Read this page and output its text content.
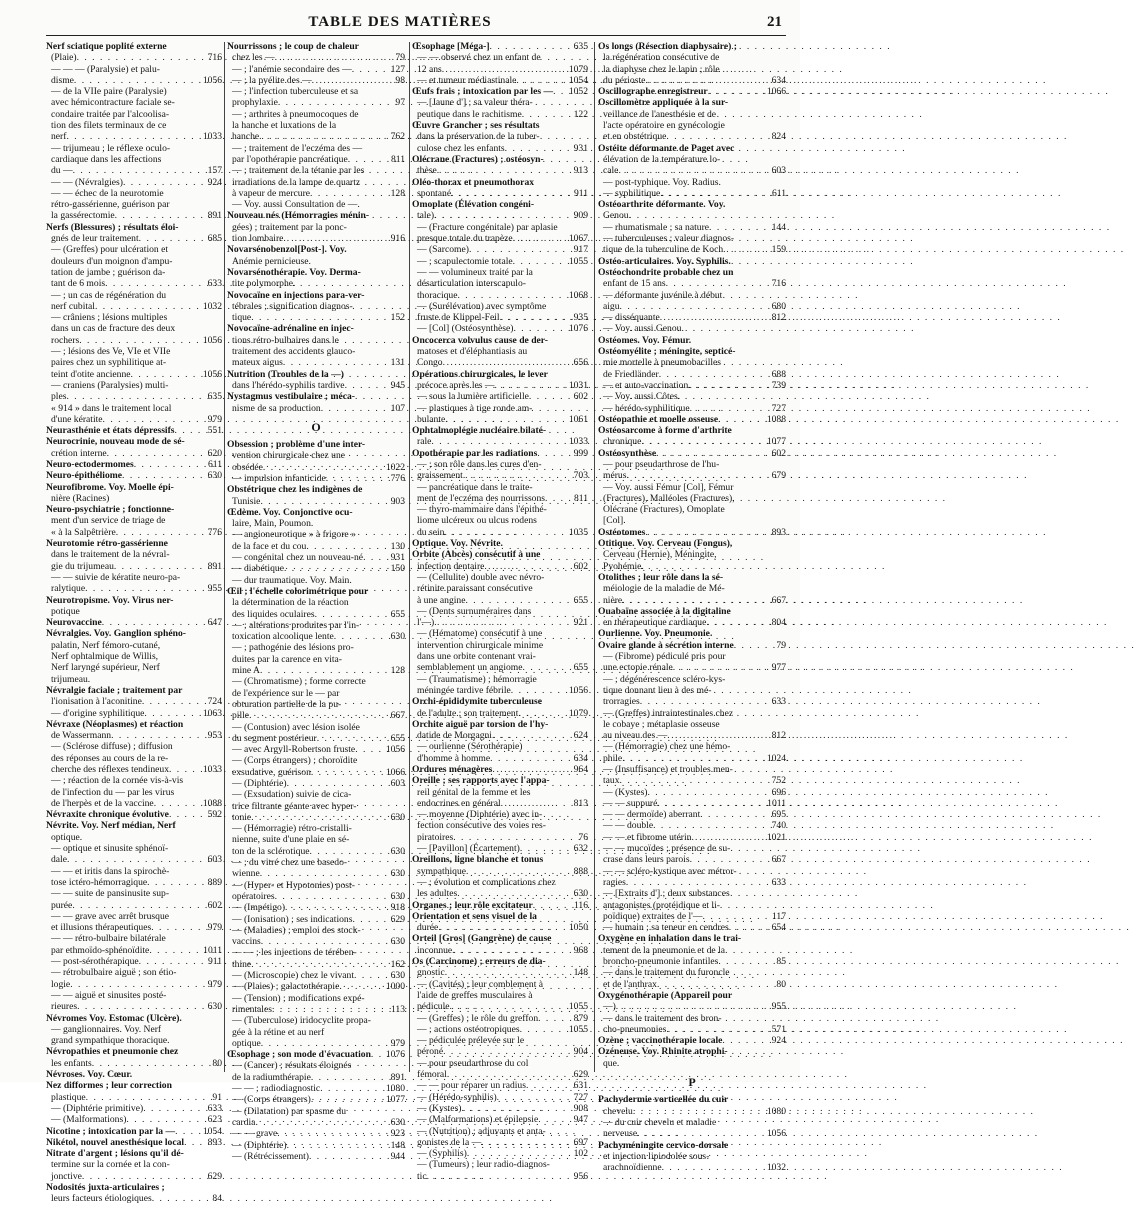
TABLE DES MATIÈRES	21
Nerf sciatique poplité externe
(Plaie) . . .	716
— — — (Paralysie) et palu-
disme . . .	1056
— de la VIIe paire (Paralysie)
avec hémicontracture faciale se-
condaire traitée par l'alcoolisa-
tion des filets terminaux de ce
nerf . . .	1033
— trijumeau ; le réflexe oculo-
cardiaque dans les affections
du — . . .	157
— — (Névralgies) . . .	924
— — échec de la neurotomie
rétro-gassérienne, guérison par
la gassérectomie . . .	891
Nerfs (Blessures) ; résultats éloi-
gnés de leur traitement . . .	685
— (Greffes) pour ulcération et
douleurs d'un moignon d'ampu-
tation de jambe ; guérison da-
tant de 6 mois . . .	633
— ; un cas de régénération du
nerf cubital . . .	1032
— crâniens ; lésions multiples
dans un cas de fracture des deux
rochers . . .	1056
— ; lésions des Ve, VIe et VIIe
paires chez un syphilitique at-
teint d'otite ancienne . . .	1056
— craniens (Paralysies) multi-
ples . . .	635
« 914 » dans le traitement local
d'une kératite . . .	979
Neurasthénie et états dépressifs . . .	551
Neurocrinie, nouveau mode de sé-
crétion interne . . .	620
Neuro-ectodermomes . . .	611
Neuro-épithéliome . . .	630
Neurofibrome. Voy. Moelle épi-
nière (Racines)
Neuro-psychiatrie ; fonctionne-
ment d'un service de triage de
« à la Salpêtrière . . .	776
Neurotomie rétro-gassérienne
dans le traitement de la névral-
gie du trijumeau . . .	891
— — suivie de kératite neuro-pa-
ralytique . . .	955
Neurotropisme. Voy. Virus ner-
potique
Neurovaccine . . .	647
Névralgies. Voy. Ganglion sphéno-
palatin, Nerf fémoro-cutané,
Nerf ophtalmique de Willis,
Nerf laryngé supérieur, Nerf
trijumeau.
Névralgie faciale ; traitement par
l'ionisation à l'aconitine . . .	724
— d'origine syphilitique . . .	1063
Névraxe (Néoplasmes) et réaction
de Wassermann . . .	953
— (Sclérose diffuse) ; diffusion
des réponses au cours de la re-
cherche des réflexes tendineux . . .	1033
— ; réaction de la cornée vis-à-vis
de l'infection du — par les virus
de l'herpès et de la vaccine . . .	1088
Névraxite chronique évolutive . . .	592
Névrite. Voy. Nerf médian, Nerf
optique.
— optique et sinusite sphénoï-
dale . . .	603
— — et iritis dans la spirochè-
tose ictéro-hémorragique . . .	889
— — suite de pansinusite sup-
purée . . .	602
— — grave avec arrêt brusque
et illusions thérapeutiques . . .	979
— — rétro-bulbaire bilatérale
par ethmoïdo-sphénoïdite . . .	1011
— post-sérothérapique . . .	911
— rétrobulbaire aiguë ; son étio-
logie . . .	979
— — aiguë et sinusites posté-
rieures . . .	630
Névromes Voy. Estomac (Ulcère).
— ganglionnaires. Voy. Nerf
grand sympathique thoracique.
Névropathies et pneumonie chez
les enfants . . .	80
Névroses. Voy. Cœur.
Nez difformes ; leur correction
plastique . . .	91
— (Diphtérie primitive) . . .	633
— (Malformations) . . .	623
Nicotine ; intoxication par la — . . .	1054
Nikétol, nouvel anesthésique local . . . 893
Nitrate d'argent ; lésions qu'il dé-
termine sur la cornée et la con-
jonctive . . .	629
Nodosités juxta-articulaires ;
leurs facteurs étiologiques . . .	84
Nourrissons ; le coup de chaleur
chez les — . . .	79
— ; l'anémie secondaire des — . . .	127
— ; la pyélite des — . . .	98
— ; l'infection tuberculeuse et sa
prophylaxie . . .	97
— ; arthrites à pneumocoques de
la hanche et luxations de la
hanche . . .	762
— ; traitement de l'eczéma des —
par l'opothérapie pancréatique . . .	811
— ; traitement de la tétanie par les
irradiations de la lampe de quartz
à vapeur de mercure . . .	128
— Voy. aussi Consultation de —.
Nouveau nés (Hémorragies ménin-
gées) ; traitement par la ponc-
tion lombaire . . .	916
Novarsénobenzol[Post-]. Voy.
Anémie pernicieuse.
Novarsénothérapie. Voy. Derma-
tite polymorphe.
Novocaïne en injections para-ver-
tébrales ; signification diagnos-
tique . . .	152
Novocaïne-adrénaline en injec-
tions rétro-bulbaires dans le
traitement des accidents glauco-
mateux aigus . . .	131
Nutrition (Troubles de la —)
dans l'hérédo-syphilis tardive . . .	945
Nystagmus vestibulaire ; méca-
nisme de sa production . . .	107
O
Obsession ; problème d'une inter-
vention chirurgicale chez une
obsédée . . .	1022
— impulsion infanticide . . .	776
Obstétrique chez les indigènes de
Tunisie . . .	903
Œdème. Voy. Conjonctive ocu-
laire, Main, Poumon.
— angioneurotique » à frigore »
de la face et du cou . . .	130
— congénital chez un nouveau-né . . .	931
— diabétique . . .	150
— dur traumatique. Voy. Main.
Œil ; l'échelle colorimétrique pour
la détermination de la réaction
des liquides oculaires . . .	655
— ; altérations produites par l'in-
toxication alcoolique lente . . .	630
— ; pathogénie des lésions pro-
duites par la carence en vita-
mine A . . .	128
— (Chromatisme) ; forme correcte
de l'expérience sur le — par
obturation partielle de la pu-
pille . . .	667
— (Contusion) avec lésion isolée
du segment postérieur . . .	655
— avec Argyll-Robertson fruste . . .	1056
— (Corps étrangers) ; choroïdite
exsudative, guérison . . .	1066
— (Diphtérie) . . .	603
— (Exsudation) suivie de cica-
trice filtrante géante avec hyper-
tonie . . .	630
— (Hémorragie) rétro-cristalli-
nienne, suite d'une plaie en sé-
ton de la sclérotique . . .	630
— ; du vitré chez une basedo-
wienne . . .	630
— (Hyper- et Hypotonies) post-
opératoires . . .	630
— (Impétigo) . . .	918
— (Ionisation) ; ses indications . . .	629
— (Maladies) ; emploi des stock-
vaccins . . .	630
— — ; les injections de térében-
thine . . .	162
— (Microscopie) chez le vivant . . .	630
— (Plaies) ; galactothérapie . . .	1000
— (Tension) ; modifications expé-
rimentales . . .	113
— (Tuberculose) iridocyclite propa-
gée à la rétine et au nerf
optique . . .	979
Œsophage ; son mode d'évacuation . . . 1076
— (Cancer) ; résultats éloignés
de la radiumthérapie . . .	891
— — ; radiodiagnostic . . .	1080
— (Corps étrangers) . . .	1077
— (Dilatation) par spasme du
cardia . . .	630
— — grave . . .	923
— (Diphtérie) . . .	148
— (Rétrécissement) . . .	944
Œsophage [Méga-] . . .	635
— — observé chez un enfant de
12 ans . . .	1079
— et tumeur médiastinale . . .	1054
Œufs frais ; intoxication par les — . . . 1052
— [Jaune d'] ; sa valeur théra-
peutique dans le rachitisme . . .	122
Œuvre Grancher ; ses résultats
dans la préservation de la tuber-
culose chez les enfants . . .	931
Olécrane (Fractures) ; ostéosyn-
thèse . . .	913
Oléo-thorax et pneumothorax
spontané . . .	911
Omoplate (Élévation congéni-
tale) . . .	909
— (Fracture congénitale) par aplasie
presque totale du trapèze . . .	1067
— (Sarcome) . . .	917
— ; scapulectomie totale . . .	1055
— — volumineux traité par la
désarticulation interscapulo-
thoracique . . .	1068
— (Surélévation) avec symptôme
fruste de Klippel-Feil . . .	935
— [Col] (Ostéosynthèse) . . .	1076
Oncocerca volvulus cause de der-
matoses et d'éléphantiasis au
Congo . . .	656
Opérations chirurgicales, le lever
précoce après les — . . .	1031
— sous la lumière artificielle . . .	602
— plastiques à tige ronde am-
bulante . . .	1061
Ophtalmoplégie nucléaire bilaté-
rale . . .	1033
Opothérapie par les radiations . . .	999
— ; son rôle dans les cures d'en-
graissement . . .	703
— pancréatique dans le traite-
ment de l'eczéma des nourrissons . . .	811
— thyro-mammaire dans l'épithé-
liome ulcéreux ou ulcus rodens
du sein . . .	1035
Optique. Voy. Névrite.
Orbite (Abcès) consécutif à une
infection dentaire . . .	602
— (Cellulite) double avec névro-
rétinite paraissant consécutive
à une angine . . .	655
— (Dents surnuméraires dans
l'—) . . .	921
— (Hématome) consécutif à une
intervention chirurgicale minime
dans une orbite contenant vrai-
semblablement un angiome . . .	655
— (Traumatisme) ; hémorragie
méningée tardive fébrile . . .	1056
Orchi-épididymite tuberculeuse
de l'adulte ; son traitement . . .	1079
Orchite aiguë par torsion de l'hy-
datide de Morgagni . . .	624
— ourlienne (Sérothérapie)
d'homme à homme . . .	634
Ordures ménagères . . .	964
Oreille ; ses rapports avec l'appa-
reil génital de la femme et les
endocrines en général . . .	813
— moyenne (Diphtérie) avec in-
fection consécutive des voies res-
piratoires . . .	76
— [Pavillon] (Écartement) . . .	632
Oreillons, ligne blanche et tonus
sympathique . . .	888
— ; évolution et complications chez
les adultes . . .	630
Organes ; leur rôle excitateur . . .	116
Orientation et sens visuel de la
durée . . .	1050
Orteil [Gros] (Gangrène) de cause
inconnue . . .	968
Os (Carcinome) ; erreurs de dia-
gnostic . . .	148
— (Cavités) ; leur comblement à
l'aide de greffes musculaires à
pédicule . . .	1055
— (Greffes) ; le rôle du greffon . . .	879
— ; actions ostéotropiques . . .	1055
— pédiculée prélevée sur le
péroné . . .	904
— pour pseudarthrose du col
fémoral . . .	629
— — pour réparer un radius . . .	631
— (Hérédo-syphilis) . . .	727
— (Kystes) . . .	908
— (Malformations) et épilepsie . . .	947
— (Nutrition) ; adjuvants et anta-
gonistes de la — . . .	697
— (Syphilis) . . .	102
— (Tumeurs) ; leur radio-diagnos-
tic . . .	956
Os longs (Résection diaphysaire) ;
la régénération consécutive de
la diaphyse chez le lapin ; rôle
du périoste . . .	634
Oscillographe enregistreur . . .	1066
Oscillomètre appliquée à la sur-
veillance de l'anesthésie et de
l'acte opératoire en gynécologie
et en obstétrique . . .	824
Ostéite déformante de Paget avec
élévation de la température lo-
cale . . .	603
— post-typhique. Voy. Radius.
— syphilitique . . .	611
Ostéoarthrite déformante. Voy.
Genou.
— rhumatismale ; sa nature . . .	144
— tuberculeuses ; valeur diagnos-
tique de la tuberculine de Koch . . .	159
Ostéo-articulaires. Voy. Syphilis.
Ostéochondrite probable chez un
enfant de 15 ans . . .	716
— déformante juvénile à début
aigu . . .	680
— disséquante . . .	812
— Voy. aussi Genou.
Ostéomes. Voy. Fémur.
Ostéomyélite ; méningite, septicé-
mie mortelle à pneumobacilles
de Friedländer . . .	688
— et auto-vaccination . . .	739
— Voy. aussi Côtes.
— hérédo-syphilitique . . .	727
Ostéopathie et moelle osseuse . . .	1088
Ostéosarcome à forme d'arthrite
chronique . . .	1077
Ostéosynthèse . . .	602
— pour pseudarthrose de l'hu-
mérus . . .	679
— Voy. aussi Fémur [Col], Fémur
(Fractures), Malléoles (Fractures),
Olécrane (Fractures), Omoplate
[Col].
Ostéotomes . . .	893
Otitique. Voy. Cerveau (Fongus),
Cerveau (Hernie), Méningite,
Pyohémie.
Otolithes ; leur rôle dans la sé-
méiologie de la maladie de Mé-
nière . . .	667
Ouabaïne associée à la digitaline
en thérapeutique cardiaque . . .	804
Ourlienne. Voy. Pneumonie.
Ovaire glande à sécrétion interne . . .	79
— (Fibrome) pédiculé pris pour
une ectopie rénale . . .	977
— ; dégénérescence scléro-kys-
tique donnant lieu à des mé-
trorragies . . .	633
— (Greffes) intraintestinales chez
le cobaye ; métaplasie osseuse
au niveau des — . . .	812
— (Hémorragie) chez une hémo-
phile . . .	1024
— (Insuffisance) et troubles men-
taux . . .	752
— (Kystes) . . .	696
— — suppuré . . .	1011
— — dermoïde) aberrant . . .	695
— — double . . .	740
— — et fibrome utérin . . .	1021
— — mucoïdes ; présence de su-
crase dans leurs parois . . .	667
— — scléro-kystique avec métror-
ragies . . .	633
— [Extraits d'] ; deux substances
antagonistes (protéidique et li-
poïdique) extraites de l'— . . .	117
— humain ; sa teneur en cendres . . .	654
Oxygène en inhalation dans le trai-
tement de la pneumonie et de la
broncho-pneumonie infantiles . . .	85
— dans le traitement du furoncle
et de l'anthrax . . .	80
Oxygénothérapie (Appareil pour
—) . . .	955
— dans le traitement des bron-
cho-pneumonies . . .	571
Ozène ; vaccinothérapie locale . . .	924
Ozéneuse. Voy. Rhinite atrophi-
que.
P
Pachydermie vorticellée du cuir
chevelu . . .	1080
— du cuir chevelu et maladie
nerveuse . . .	1056
Pachyméningite cervico-dorsale
et injection lipiodolée sous-
arachnoïdienne . . .	1032
